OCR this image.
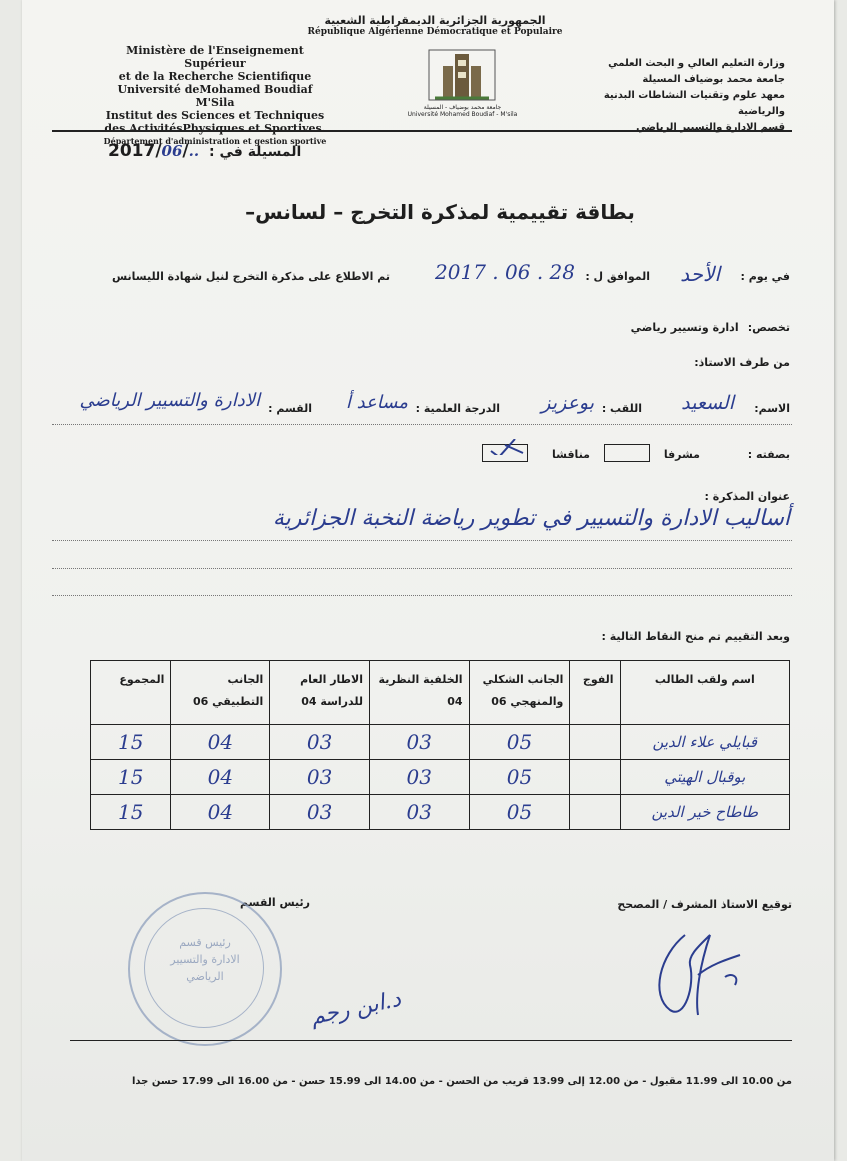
الجمهورية الجزائرية الديمقراطية الشعبية
République Algérienne Démocratique et Populaire
جامعة محمد بوضياف - المسيلة
Université Mohamed Boudiaf - M'sila
Ministère de l'Enseignement Supérieur
et de la Recherche Scientifique
Université deMohamed Boudiaf M'Sila
Institut des Sciences et Techniques
des ActivitésPhysiques et Sportives.
Département d'administration et gestion sportive
وزارة التعليم العالي و البحث العلمي
جامعة محمد بوضياف المسيلة
معهد علوم وتقنيات النشاطات البدنية والرياضية
قسم الادارة والتسيير الرياضي
2017/06/.. المسيلة في :
بطاقة تقييمية لمذكرة التخرج – لسانس–
في يوم :
الأحد
الموافق ل :
2017 . 06 . 28
تم الاطلاع على مذكرة التخرج لنيل شهادة الليسانس
تخصص: ادارة وتسيير رياضي
من طرف الاستاذ:
الاسم:
السعيد
اللقب :
بوعزيز
الدرجة العلمية :
مساعد أ
القسم :
الادارة والتسيير الرياضي
بصفته :
مشرفا
مناقشا
عنوان المذكرة :
أساليب الادارة والتسيير في تطوير رياضة النخبة الجزائرية
وبعد التقييم تم منح النقاط التالية :
اسم ولقب الطالب	الفوج	الجانب الشكلي والمنهجي 06	الخلفية النظرية 04	الاطار العام للدراسة 04	الجانب التطبيقي 06	المجموع
قبايلي علاء الدين		05	03	03	04	15
بوقبال الهيتي		05	03	03	04	15
طاطاح خير الدين		05	03	03	04	15
توقيع الاستاذ المشرف / المصحح
رئيس القسم
رئيس قسم
الادارة والتسيير
الرياضي
د.ابن رجم
من 10.00 الى 11.99 مقبول - من 12.00 إلى 13.99 قريب من الحسن - من 14.00 الى 15.99 حسن - من 16.00 الى 17.99 حسن جدا
